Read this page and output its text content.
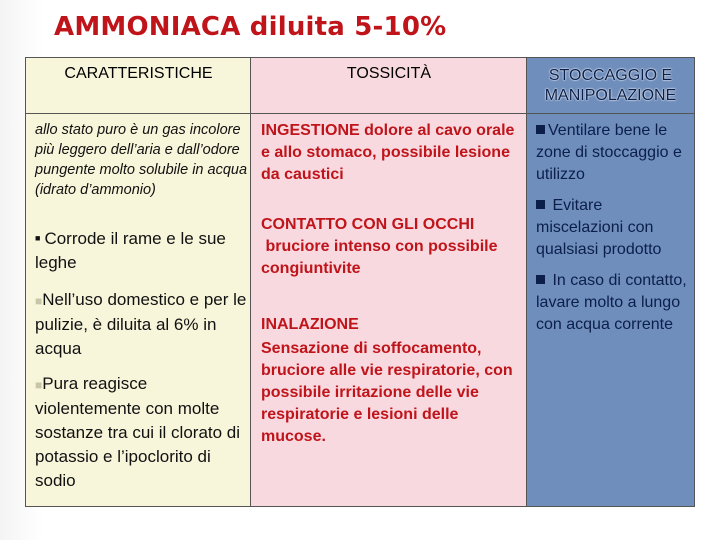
AMMONIACA diluita 5-10%
CARATTERISTICHE	TOSSICITÀ	STOCCAGGIO E MANIPOLAZIONE
allo stato puro è un gas incolore più leggero dell’aria e dall’odore pungente molto solubile in acqua (idrato d’ammonio)
■ Corrode il rame e le sue leghe
■Nell’uso domestico e per le pulizie, è diluita al 6% in acqua
■Pura reagisce violentemente con molte sostanze tra cui il clorato di potassio e l’ipoclorito di sodio
INGESTIONE dolore al cavo orale e allo stomaco, possibile lesione da caustici
CONTATTO CON GLI OCCHI
bruciore intenso con possibile congiuntivite
INALAZIONE
Sensazione di soffocamento, bruciore alle vie respiratorie, con possibile irritazione delle vie respiratorie e lesioni delle mucose.
Ventilare bene le zone di stoccaggio e utilizzo
Evitare miscelazioni con qualsiasi prodotto
In caso di contatto, lavare molto a lungo con acqua corrente
